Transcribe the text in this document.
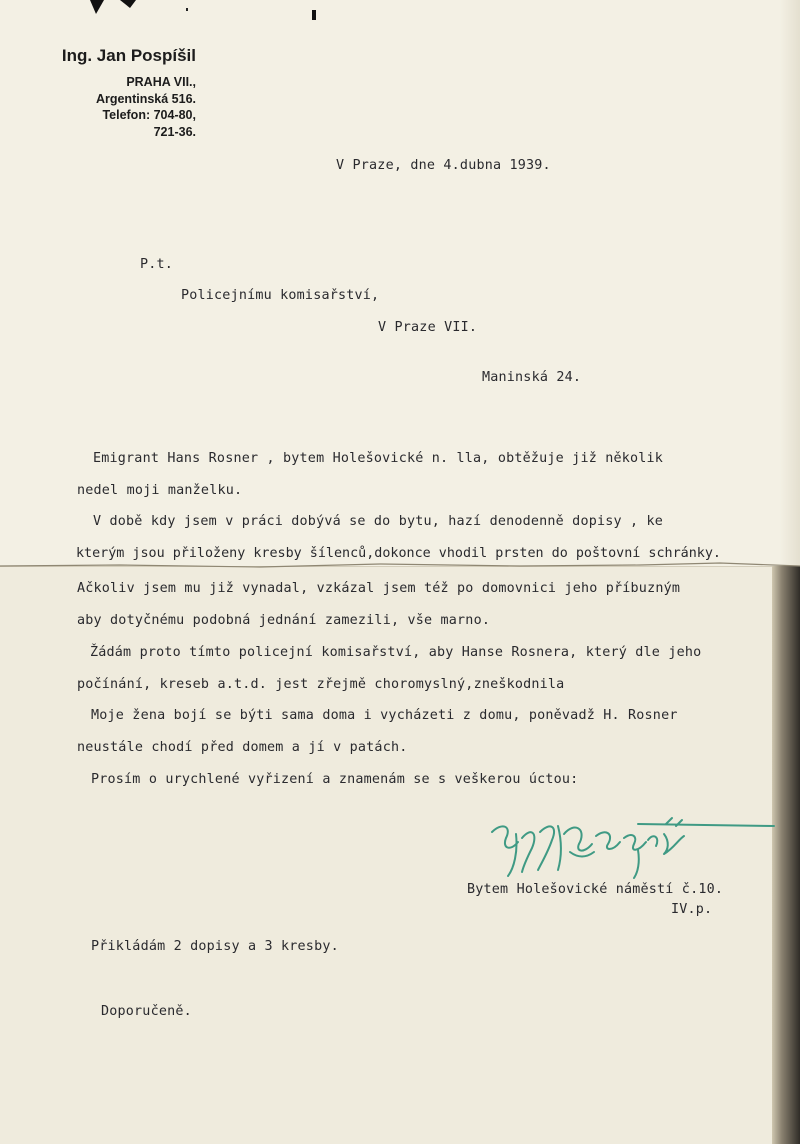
Ing. Jan Pospíšil
PRAHA VII.,
Argentinská 516.
Telefon: 704-80,
721-36.
V Praze, dne 4.dubna 1939.
P.t.
Policejnímu komisařství,
V Praze VII.
Maninská 24.
Emigrant Hans Rosner , bytem Holešovické n. lla, obtěžuje již několik
nedel moji manželku.
V době kdy jsem v práci dobývá se do bytu, hazí denodenně dopisy , ke
kterým jsou přiloženy kresby šílenců,dokonce vhodil prsten do poštovní schránky.
Ačkoliv jsem mu již vynadal, vzkázal jsem též po domovnici jeho příbuzným
aby dotyčnému podobná jednání zamezili, vše marno.
Žádám proto tímto policejní komisařství, aby Hanse Rosnera, který dle jeho
počínání, kreseb a.t.d. jest zřejmě choromyslný,zneškodnila
Moje žena bojí se býti sama doma i vycházeti z domu, poněvadž H. Rosner
neustále chodí před domem a jí v patách.
Prosím o urychlené vyřizení a znamenám se s veškerou úctou:
Bytem Holešovické náměstí č.10.
IV.p.
Přikládám 2 dopisy a 3 kresby.
Doporučeně.
